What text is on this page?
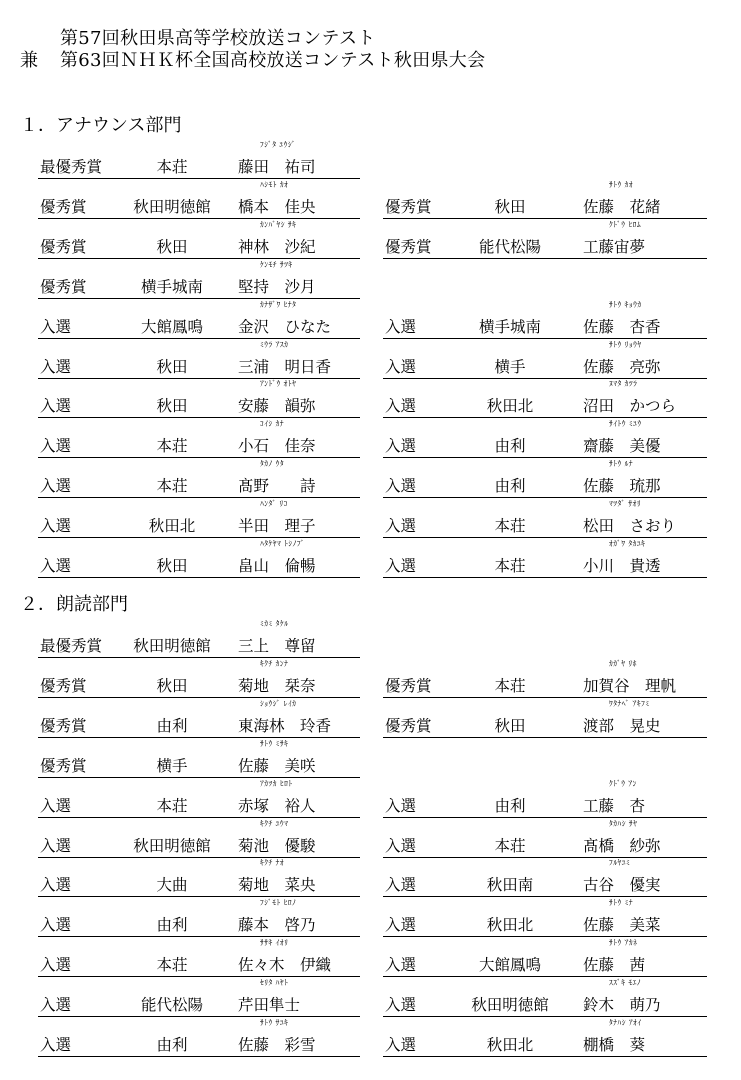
第57回秋田県高等学校放送コンテスト
兼 第63回ＮＨＫ杯全国高校放送コンテスト秋田県大会
１．アナウンス部門
ﾌｼﾞﾀ ﾕｳｼﾞ
最優秀賞	本荘	藤田　祐司
ﾊｼﾓﾄ ｶｵ
優秀賞	秋田明徳館 橋本　佳央
ｻﾄｳ ｶｵ
優秀賞	秋田	佐藤　花緒
ｶﾝﾊﾞﾔｼ ｻｷ
優秀賞	秋田	神林　沙紀
ｸﾄﾞｳ ﾋﾛﾑ
優秀賞	能代松陽	工藤宙夢
ｹﾝﾓﾁ ｻﾂｷ
優秀賞	横手城南 堅持　沙月
ｶﾅｻﾞﾜ ﾋﾅﾀ
入選	大館鳳鳴 金沢　ひなた
ｻﾄｳ ｷｮｳｶ
入選	横手城南	佐藤　杏香
ﾐｳﾗ ｱｽｶ
入選	秋田	三浦　明日香
ｻﾄｳ ﾘｮｳﾔ
入選	横手	佐藤　亮弥
ｱﾝﾄﾞｳ ｵﾄﾔ
入選	秋田	安藤　韻弥
ﾇﾏﾀ ｶﾂﾗ
入選	秋田北	沼田　かつら
ｺｲｼ ｶﾅ
入選	本荘	小石　佳奈
ｻｲﾄｳ ﾐﾕｳ
入選	由利	齋藤　美優
ﾀｶﾉ ｳﾀ
入選	本荘	髙野　　詩
ｻﾄｳ ﾙﾅ
入選	由利	佐藤　琉那
ﾊﾝﾀﾞ ﾘｺ
入選	秋田北	半田　理子
ﾏﾂﾀﾞ ｻｵﾘ
入選	本荘	松田　さおり
ﾊﾀｹﾔﾏ ﾄｼﾉﾌﾞ
入選	秋田	畠山　倫暢
ｵｶﾞﾜ ﾀｶﾕｷ
入選	本荘	小川　貴透
２．朗読部門
ﾐｶﾐ ﾀｹﾙ
最優秀賞 秋田明徳館 三上　尊留
ｷｸﾁ ｶﾝﾅ
優秀賞	秋田	菊地　栞奈
ｶｶﾞﾔ ﾘﾎ
優秀賞	本荘	加賀谷　理帆
ｼｮｳｼﾞ ﾚｲｶ
優秀賞	由利	東海林　玲香
ﾜﾀﾅﾍﾞ ｱｷﾌﾐ
優秀賞	秋田	渡部　晃史
ｻﾄｳ ﾐｻｷ
優秀賞	横手	佐藤　美咲
ｱｶﾂｶ ﾋﾛﾄ
入選	本荘	赤塚　裕人
ｸﾄﾞｳ ｱﾝ
入選	由利	工藤　杏
ｷｸﾁ ﾕｳﾏ
入選	秋田明徳館 菊池　優駿
ﾀｶﾊｼ ｻﾔ
入選	本荘	髙橋　紗弥
ｷｸﾁ ﾅｵ
入選	大曲	菊地　菜央
ﾌﾙﾔﾕﾐ
入選	秋田南	古谷　優実
ﾌｼﾞﾓﾄ ﾋﾛﾉ
入選	由利	藤本　啓乃
ｻﾄｳ ﾐﾅ
入選	秋田北	佐藤　美菜
ｻｻｷ ｲｵﾘ
入選	本荘	佐々木　伊織
ｻﾄｳ ｱｶﾈ
入選	大館鳳鳴	佐藤　茜
ｾﾘﾀ ﾊﾔﾄ
入選	能代松陽 芹田隼士
ｽｽﾞｷ ﾓｴﾉ
入選	秋田明徳館 鈴木　萌乃
ｻﾄｳ ｻﾕｷ
入選	由利	佐藤　彩雪
ﾀﾅﾊｼ ｱｵｲ
入選	秋田北	棚橋　葵
